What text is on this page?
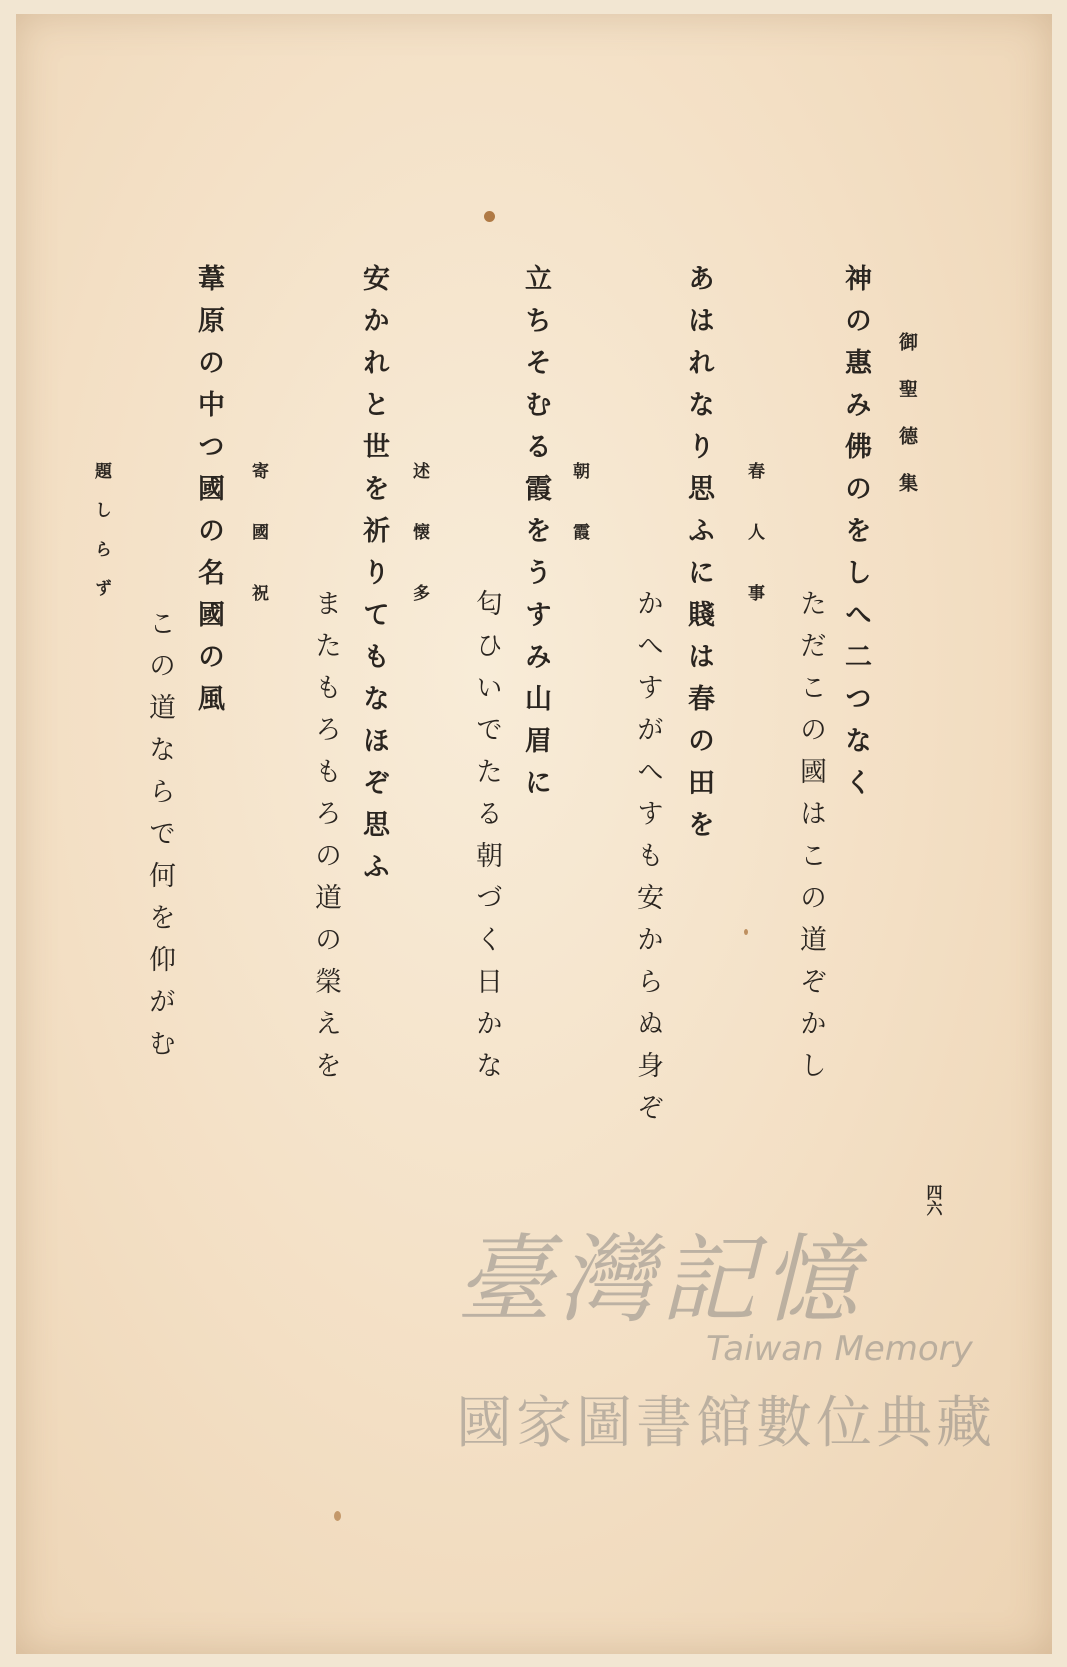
御聖德集
神の惠み佛のをしへ二つなく
ただこの國はこの道ぞかし
春人事
あはれなり思ふに賤は春の田を
かへすがへすも安からぬ身ぞ
朝霞
立ちそむる霞をうすみ山眉に
匂ひいでたる朝づく日かな
述懐多
安かれと世を祈りてもなほぞ思ふ
またもろもろの道の榮えを
寄國祝
葦原の中つ國の名國の風
この道ならで何を仰がむ
題しらず
四六
臺灣記憶
Taiwan Memory
國家圖書館數位典藏
